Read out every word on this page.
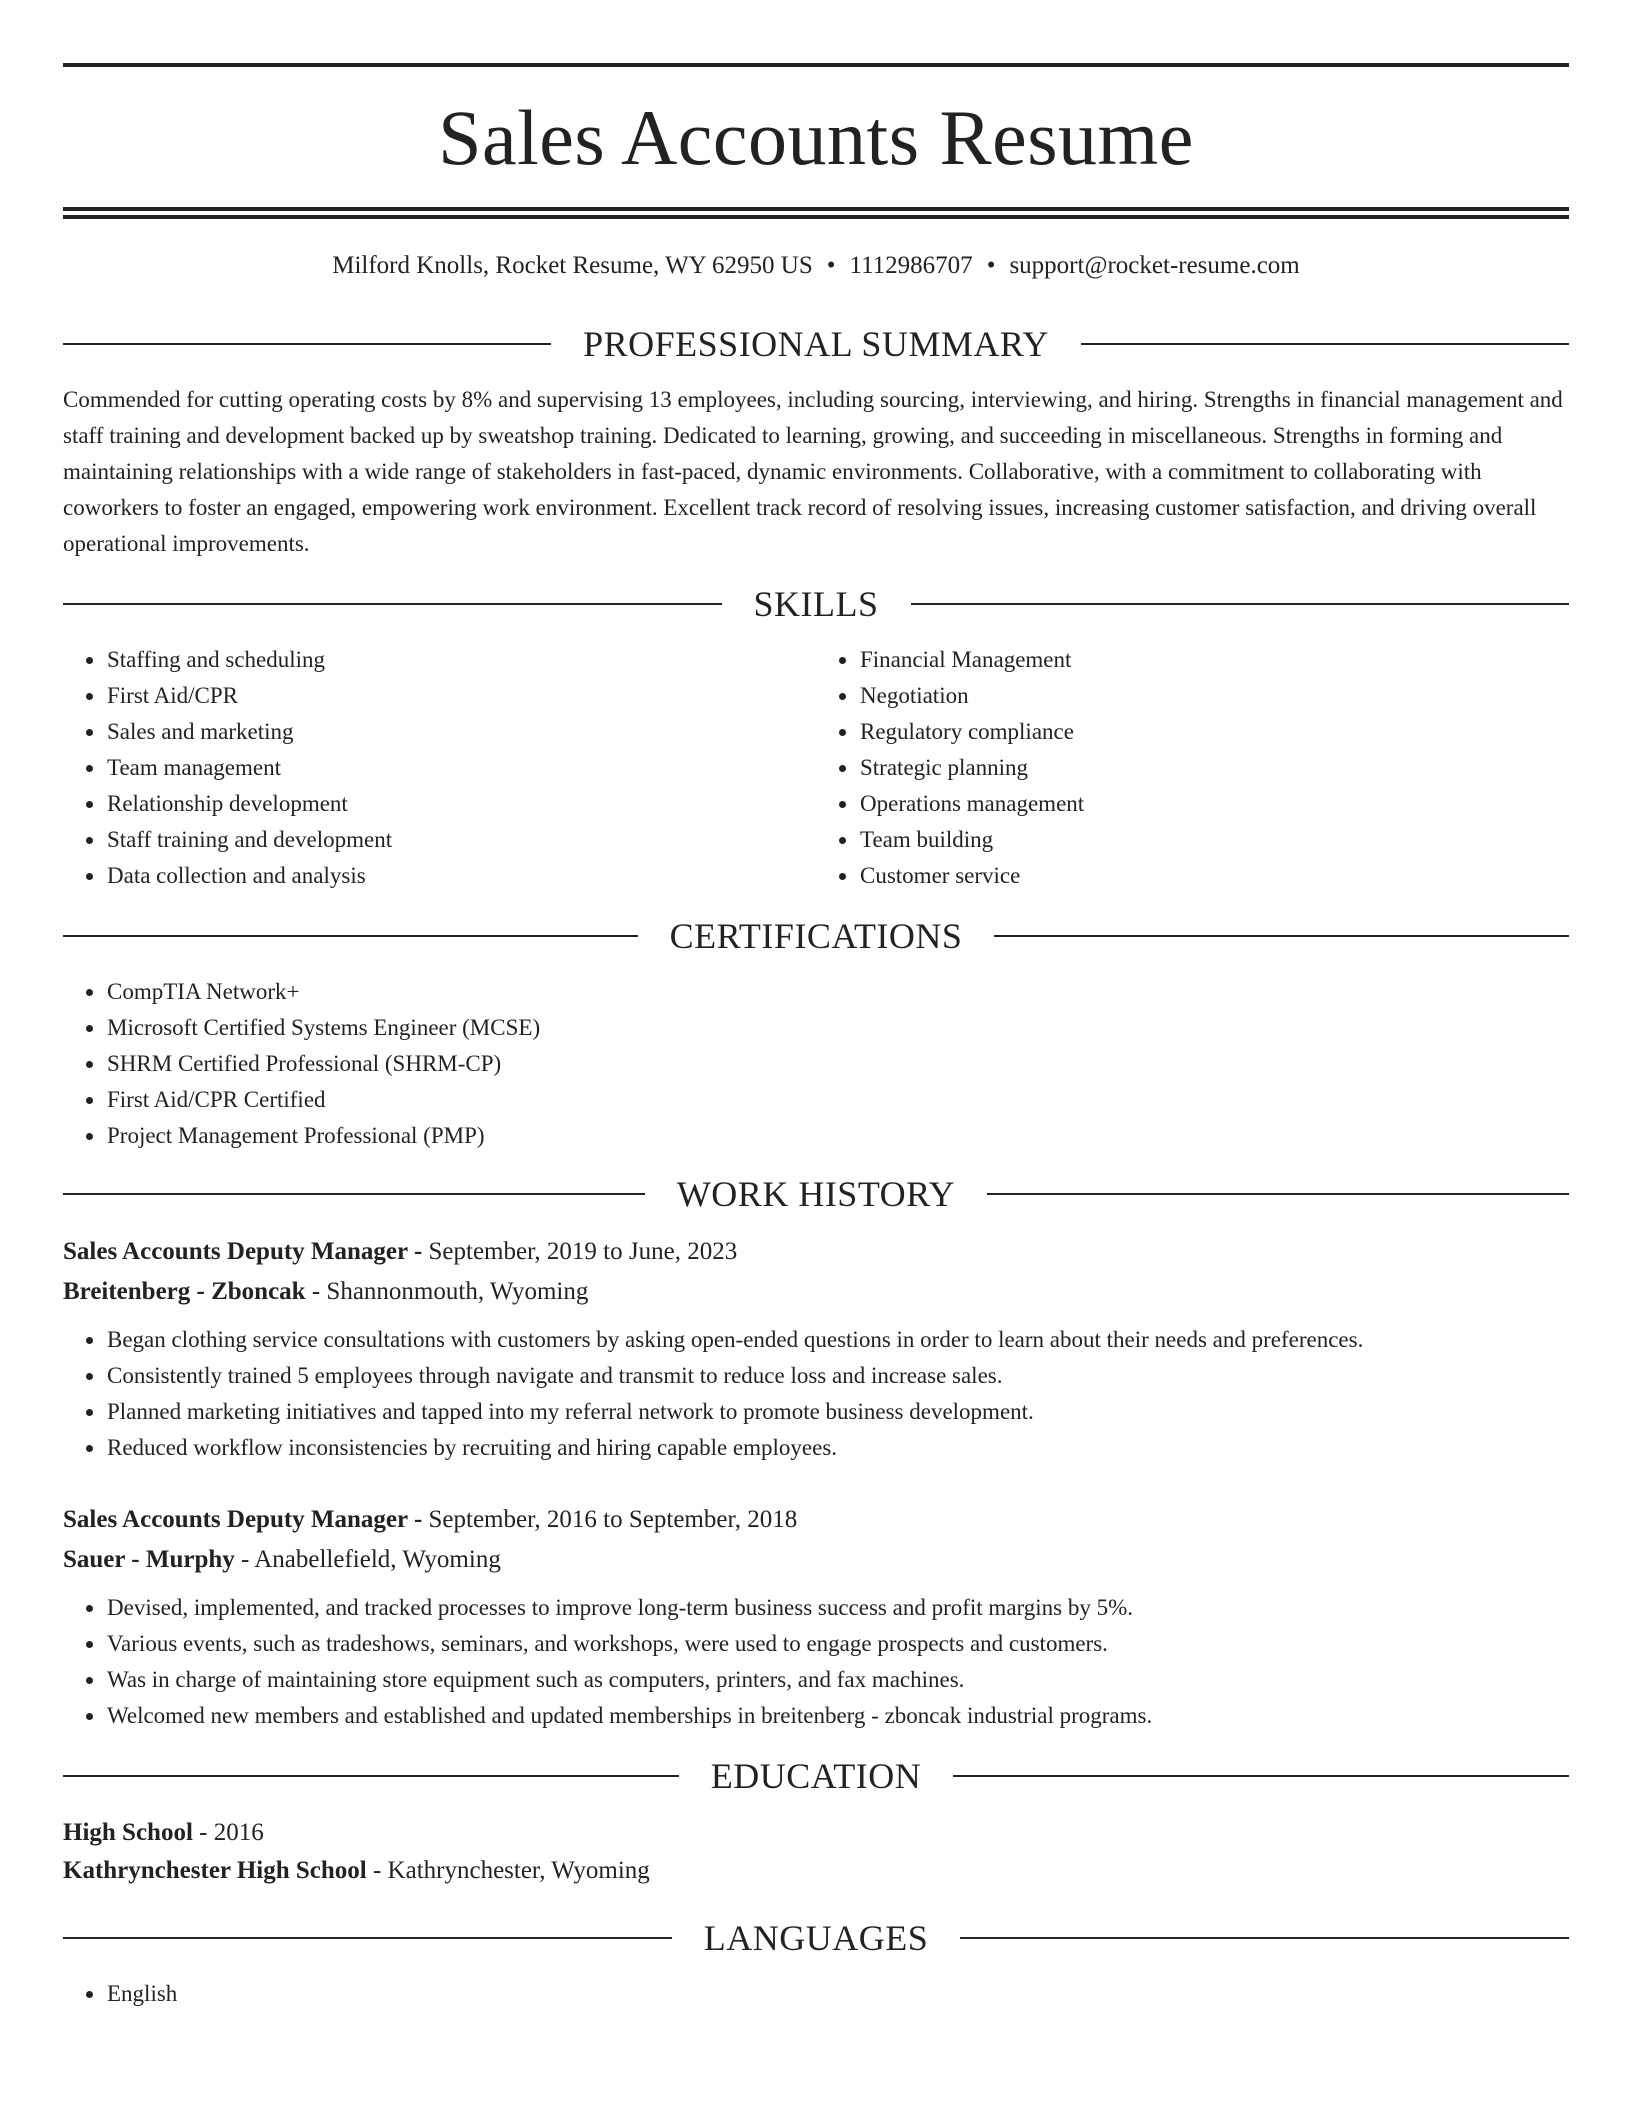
Sales Accounts Resume
Milford Knolls, Rocket Resume, WY 62950 US • 1112986707 • support@rocket-resume.com
PROFESSIONAL SUMMARY

Commended for cutting operating costs by 8% and supervising 13 employees, including sourcing, interviewing, and hiring. Strengths in financial management and staff training and development backed up by sweatshop training. Dedicated to learning, growing, and succeeding in miscellaneous. Strengths in forming and maintaining relationships with a wide range of stakeholders in fast-paced, dynamic environments. Collaborative, with a commitment to collaborating with coworkers to foster an engaged, empowering work environment. Excellent track record of resolving issues, increasing customer satisfaction, and driving overall operational improvements.

SKILLS
• Staffing and scheduling
• First Aid/CPR
• Sales and marketing
• Team management
• Relationship development
• Staff training and development
• Data collection and analysis
• Financial Management
• Negotiation
• Regulatory compliance
• Strategic planning
• Operations management
• Team building
• Customer service
CERTIFICATIONS
• CompTIA Network+
• Microsoft Certified Systems Engineer (MCSE)
• SHRM Certified Professional (SHRM-CP)
• First Aid/CPR Certified
• Project Management Professional (PMP)
WORK HISTORY
Sales Accounts Deputy Manager - September, 2019 to June, 2023
Breitenberg - Zboncak - Shannonmouth, Wyoming
• Began clothing service consultations with customers by asking open-ended questions in order to learn about their needs and preferences.
• Consistently trained 5 employees through navigate and transmit to reduce loss and increase sales.
• Planned marketing initiatives and tapped into my referral network to promote business development.
• Reduced workflow inconsistencies by recruiting and hiring capable employees.
Sales Accounts Deputy Manager - September, 2016 to September, 2018
Sauer - Murphy - Anabellefield, Wyoming
• Devised, implemented, and tracked processes to improve long-term business success and profit margins by 5%.
• Various events, such as tradeshows, seminars, and workshops, were used to engage prospects and customers.
• Was in charge of maintaining store equipment such as computers, printers, and fax machines.
• Welcomed new members and established and updated memberships in breitenberg - zboncak industrial programs.
EDUCATION
High School - 2016
Kathrynchester High School - Kathrynchester, Wyoming
LANGUAGES
• English
